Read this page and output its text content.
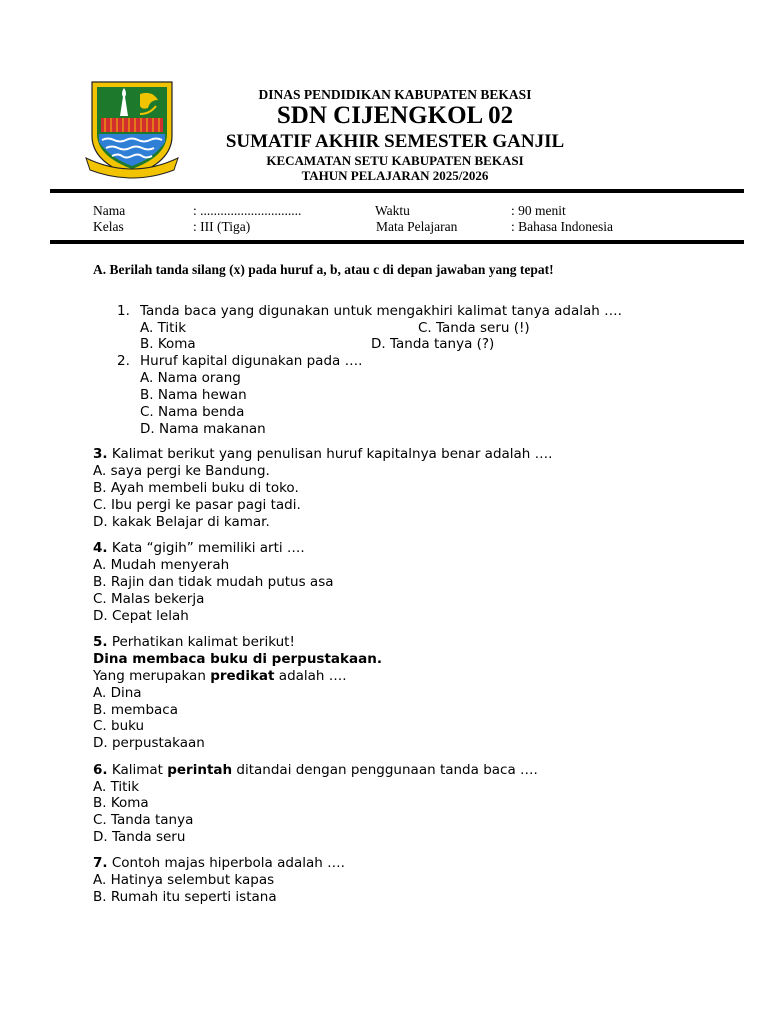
DINAS PENDIDIKAN KABUPATEN BEKASI
SDN CIJENGKOL 02
SUMATIF AKHIR SEMESTER GANJIL
KECAMATAN SETU KABUPATEN BEKASI
TAHUN PELAJARAN 2025/2026
Nama	: ..............................	Waktu	: 90 menit
Kelas	: III (Tiga)	Mata Pelajaran	: Bahasa Indonesia
A. Berilah tanda silang (x) pada huruf a, b, atau c di depan jawaban yang tepat!
1. Tanda baca yang digunakan untuk mengakhiri kalimat tanya adalah ….
A. Titik	C. Tanda seru (!)
B. Koma	D. Tanda tanya (?)
2. Huruf kapital digunakan pada ….
A. Nama orang
B. Nama hewan
C. Nama benda
D. Nama makanan
3. Kalimat berikut yang penulisan huruf kapitalnya benar adalah ….
A. saya pergi ke Bandung.
B. Ayah membeli buku di toko.
C. Ibu pergi ke pasar pagi tadi.
D. kakak Belajar di kamar.
4. Kata “gigih” memiliki arti ….
A. Mudah menyerah
B. Rajin dan tidak mudah putus asa
C. Malas bekerja
D. Cepat lelah
5. Perhatikan kalimat berikut!
Dina membaca buku di perpustakaan.
Yang merupakan predikat adalah ….
A. Dina
B. membaca
C. buku
D. perpustakaan
6. Kalimat perintah ditandai dengan penggunaan tanda baca ….
A. Titik
B. Koma
C. Tanda tanya
D. Tanda seru
7. Contoh majas hiperbola adalah ….
A. Hatinya selembut kapas
B. Rumah itu seperti istana
